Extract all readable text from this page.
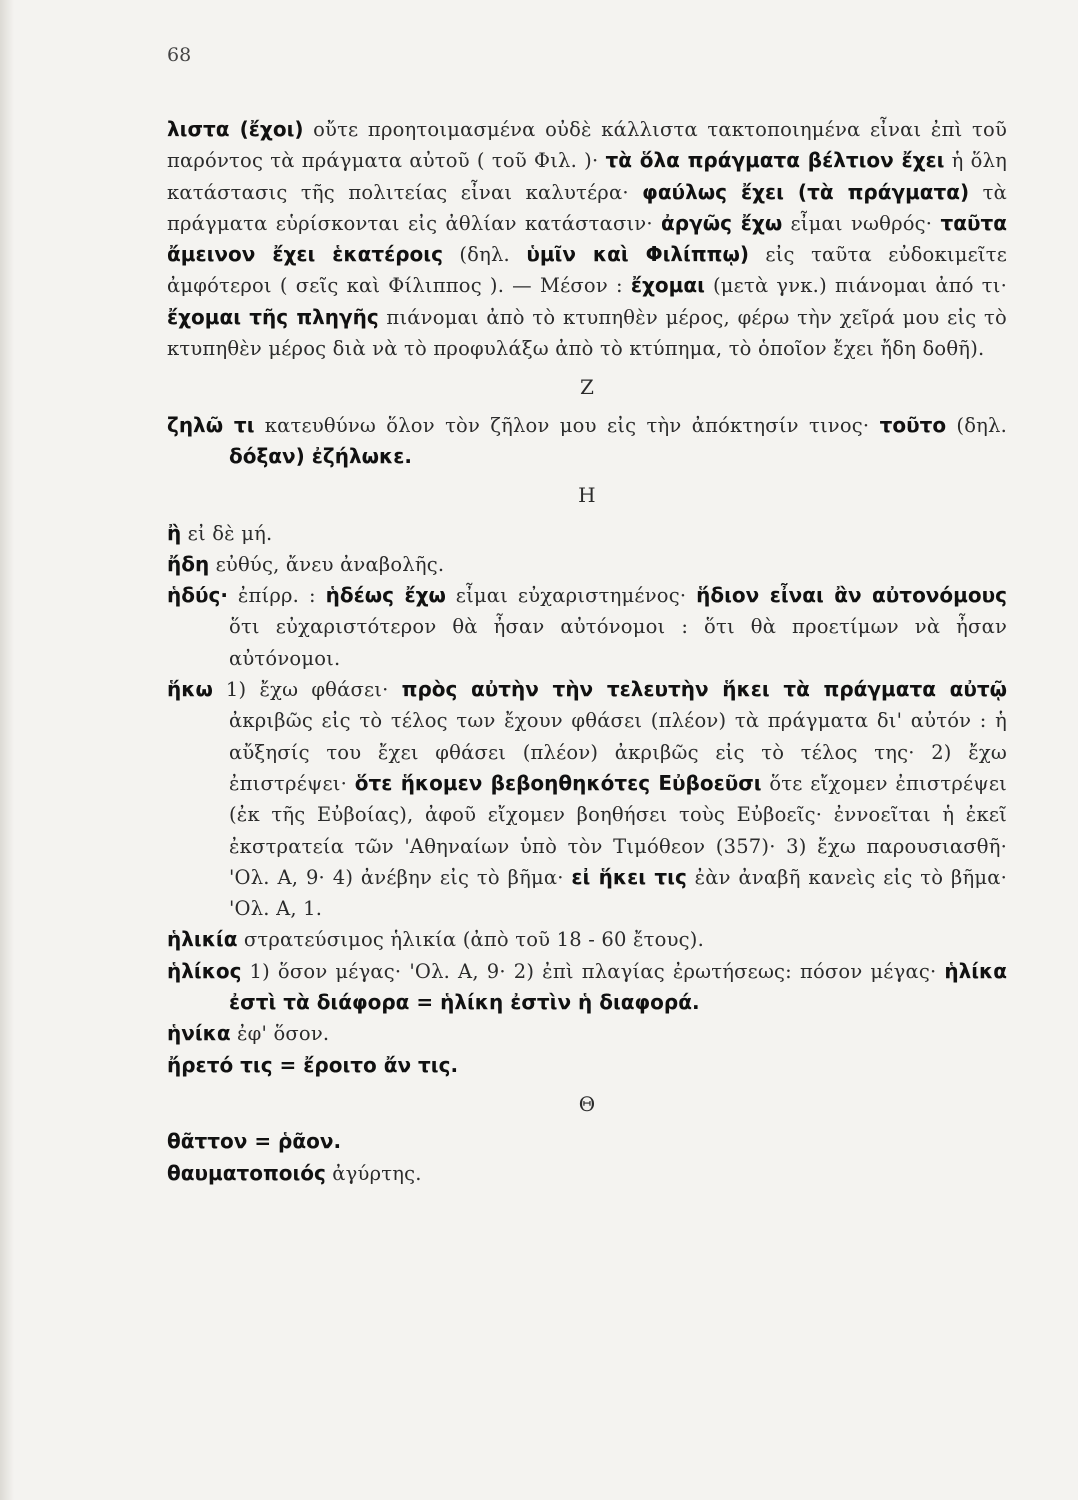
68
λιστα (ἔχοι) οὔτε προητοιμασμένα οὐδὲ κάλλιστα τακτοποιημένα εἶναι ἐπὶ τοῦ παρόντος τὰ πράγματα αὐτοῦ ( τοῦ Φιλ. )· τὰ ὅλα πράγματα βέλτιον ἔχει ἡ ὅλη κατάστασις τῆς πολιτείας εἶναι καλυτέρα· φαύλως ἔχει (τὰ πράγματα) τὰ πράγματα εὑρίσκονται εἰς ἀθλίαν κατάστασιν· ἀργῶς ἔχω εἶμαι νωθρός· ταῦτα ἄμεινον ἔχει ἑκατέροις (δηλ. ὑμῖν καὶ Φιλίππῳ) εἰς ταῦτα εὐδοκιμεῖτε ἀμφότεροι ( σεῖς καὶ Φίλιππος ). — Μέσον : ἔχομαι (μετὰ γνκ.) πιάνομαι ἀπό τι· ἔχομαι τῆς πληγῆς πιάνομαι ἀπὸ τὸ κτυπηθὲν μέρος, φέρω τὴν χεῖρά μου εἰς τὸ κτυπηθὲν μέρος διὰ νὰ τὸ προφυλάξω ἀπὸ τὸ κτύπημα, τὸ ὁποῖον ἔχει ἤδη δοθῆ).
Ζ
ζηλῶ τι κατευθύνω ὅλον τὸν ζῆλον μου εἰς τὴν ἀπόκτησίν τινος· τοῦτο (δηλ. δόξαν) ἐζήλωκε.
Η
ἢ εἰ δὲ μή.
ἤδη εὐθύς, ἄνευ ἀναβολῆς.
ἡδύς· ἐπίρρ. : ἡδέως ἔχω εἶμαι εὐχαριστημένος· ἥδιον εἶναι ἂν αὐτονόμους ὅτι εὐχαριστότερον θὰ ἦσαν αὐτόνομοι : ὅτι θὰ προετίμων νὰ ἦσαν αὐτόνομοι.
ἥκω 1) ἔχω φθάσει· πρὸς αὐτὴν τὴν τελευτὴν ἥκει τὰ πράγματα αὐτῷ ἀκριβῶς εἰς τὸ τέλος των ἔχουν φθάσει (πλέον) τὰ πράγματα δι' αὐτόν : ἡ αὔξησίς του ἔχει φθάσει (πλέον) ἀκριβῶς εἰς τὸ τέλος της· 2) ἔχω ἐπιστρέψει· ὅτε ἥκομεν βεβοηθηκότες Εὐβοεῦσι ὅτε εἴχομεν ἐπιστρέψει (ἐκ τῆς Εὐβοίας), ἀφοῦ εἴχομεν βοηθήσει τοὺς Εὐβοεῖς· ἐννοεῖται ἡ ἐκεῖ ἐκστρατεία τῶν 'Αθηναίων ὑπὸ τὸν Τιμόθεον (357)· 3) ἔχω παρουσιασθῆ· 'Ολ. Α, 9· 4) ἀνέβην εἰς τὸ βῆμα· εἰ ἥκει τις ἐὰν ἀναβῆ κανεὶς εἰς τὸ βῆμα· 'Ολ. Α, 1.
ἡλικία στρατεύσιμος ἡλικία (ἀπὸ τοῦ 18 - 60 ἔτους).
ἡλίκος 1) ὅσον μέγας· 'Ολ. Α, 9· 2) ἐπὶ πλαγίας ἐρωτήσεως: πόσον μέγας· ἡλίκα ἐστὶ τὰ διάφορα = ἡλίκη ἐστὶν ἡ διαφορά.
ἡνίκα ἐφ' ὅσον.
ἤρετό τις = ἔροιτο ἄν τις.
Θ
θᾶττον = ῥᾶον.
θαυματοποιός ἀγύρτης.
